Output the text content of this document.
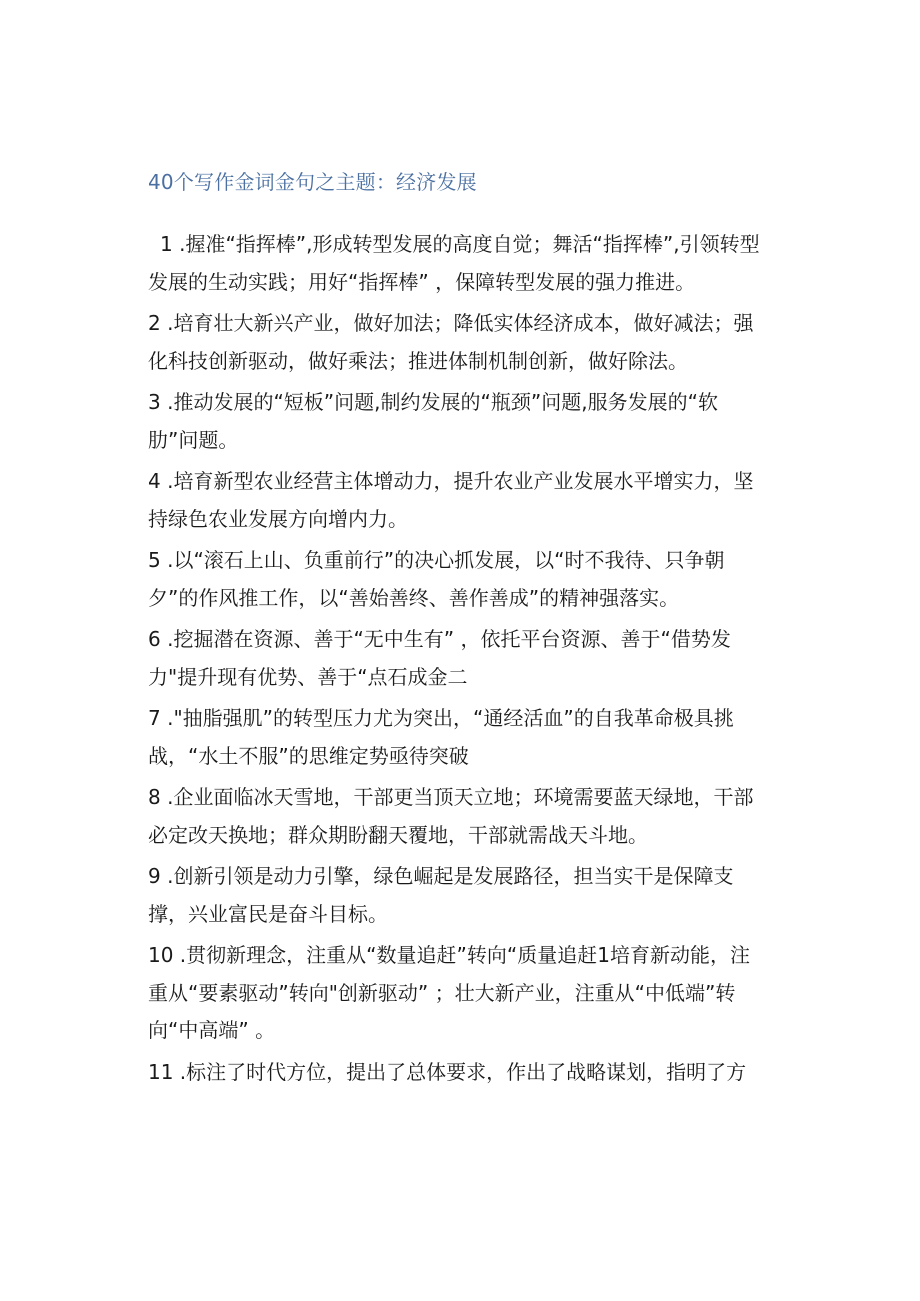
40个写作金词金句之主题：经济发展

1 .握准“指挥棒”,形成转型发展的高度自觉；舞活“指挥棒”,引领转型发展的生动实践；用好“指挥棒” ，保障转型发展的强力推进。

2 .培育壮大新兴产业，做好加法；降低实体经济成本，做好减法；强化科技创新驱动，做好乘法；推进体制机制创新，做好除法。

3 .推动发展的“短板”问题,制约发展的“瓶颈”问题,服务发展的“软肋”问题。

4 .培育新型农业经营主体增动力，提升农业产业发展水平增实力，坚持绿色农业发展方向增内力。

5 .以“滚石上山、负重前行”的决心抓发展，以“时不我待、只争朝夕”的作风推工作，以“善始善终、善作善成”的精神强落实。

6 .挖掘潜在资源、善于“无中生有” ，依托平台资源、善于“借势发力"提升现有优势、善于“点石成金二

7 ."抽脂强肌”的转型压力尤为突出，“通经活血”的自我革命极具挑战，“水土不服”的思维定势亟待突破

8 .企业面临冰天雪地，干部更当顶天立地；环境需要蓝天绿地，干部必定改天换地；群众期盼翻天覆地，干部就需战天斗地。

9 .创新引领是动力引擎，绿色崛起是发展路径，担当实干是保障支撑，兴业富民是奋斗目标。

10 .贯彻新理念，注重从“数量追赶”转向“质量追赶1培育新动能，注重从“要素驱动”转向"创新驱动” ；壮大新产业，注重从“中低端”转向“中高端” 。

11 .标注了时代方位，提出了总体要求，作出了战略谋划，指明了方
